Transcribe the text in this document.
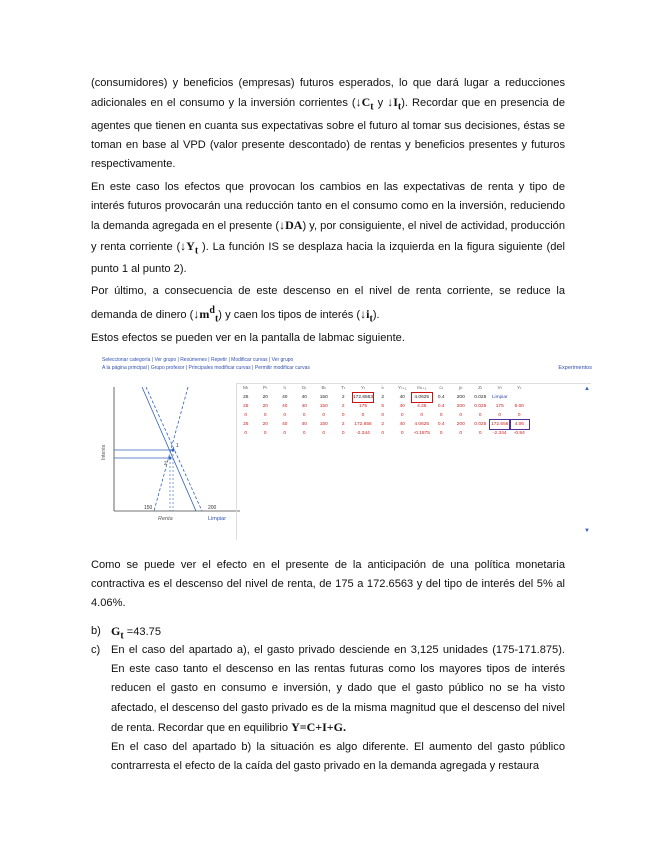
(consumidores) y beneficios (empresas) futuros esperados, lo que dará lugar a reducciones adicionales en el consumo y la inversión corrientes ($↓C_t$ y $↓I_t$). Recordar que en presencia de agentes que tienen en cuanta sus expectativas sobre el futuro al tomar sus decisiones, éstas se toman en base al VPD (valor presente descontado) de rentas y beneficios presentes y futuros respectivamente.

En este caso los efectos que provocan los cambios en las expectativas de renta y tipo de interés futuros provocarán una reducción tanto en el consumo como en la inversión, reduciendo la demanda agregada en el presente (↓DA) y, por consiguiente, el nivel de actividad, producción y renta corriente ($↓Y_t$ ). La función IS se desplaza hacia la izquierda en la figura siguiente (del punto 1 al punto 2).

Por último, a consecuencia de este descenso en el nivel de renta corriente, se reduce la demanda de dinero $(↓m^d_t)$ y caen los tipos de interés $(↓i_t)$.

Estos efectos se pueden ver en la pantalla de labmac siguiente.

Seleccionar categoría | Ver grupo | Resúmenes | Repetir | Modificar curvas | Ver grupo
A la página principal | Grupo profesor | Principales modificar curvas | Permitir modificar curvas	Experimentos
1
2
150	200
Interés
Renta	Limpiar
Mₜ	Pₜ	Iₜ	Gₜ	Bₜ	Tₜ	Yₜ	iₜ	Yₜ₊₁	mₜ₊₁	cₜ	yₜ	Zₜ	Vₜ	Yₜ
25	20	40	40	150	2	172.6563	2	40	4.0625	0.4	200	0.025	Limpiar	
25	20	40	40	150	2	175	5	40	4.25	0.4	200	0.025	175	5.00
0	0	0	0	0	0	0	0	0	0	0	0	0	0	0
25	20	40	40	150	2	172.656	2	40	4.0625	0.4	200	0.025	172.656	4.06
0	0	0	0	0	0	-2.344	0	0	-0.1875	0	0	0	-2.344	-0.94
▲
▼

Como se puede ver el efecto en el presente de la anticipación de una política monetaria contractiva es el descenso del nivel de renta, de 175 a 172.6563 y del tipo de interés del 5% al 4.06%.

b) $G_t =43.75$
c) En el caso del apartado a), el gasto privado desciende en 3,125 unidades (175-171.875). En este caso tanto el descenso en las rentas futuras como los mayores tipos de interés reducen el gasto en consumo e inversión, y dado que el gasto público no se ha visto afectado, el descenso del gasto privado es de la misma magnitud que el descenso del nivel de renta. Recordar que en equilibrio Y=C+I+G.

En el caso del apartado b) la situación es algo diferente. El aumento del gasto público contrarresta el efecto de la caída del gasto privado en la demanda agregada y restaura
